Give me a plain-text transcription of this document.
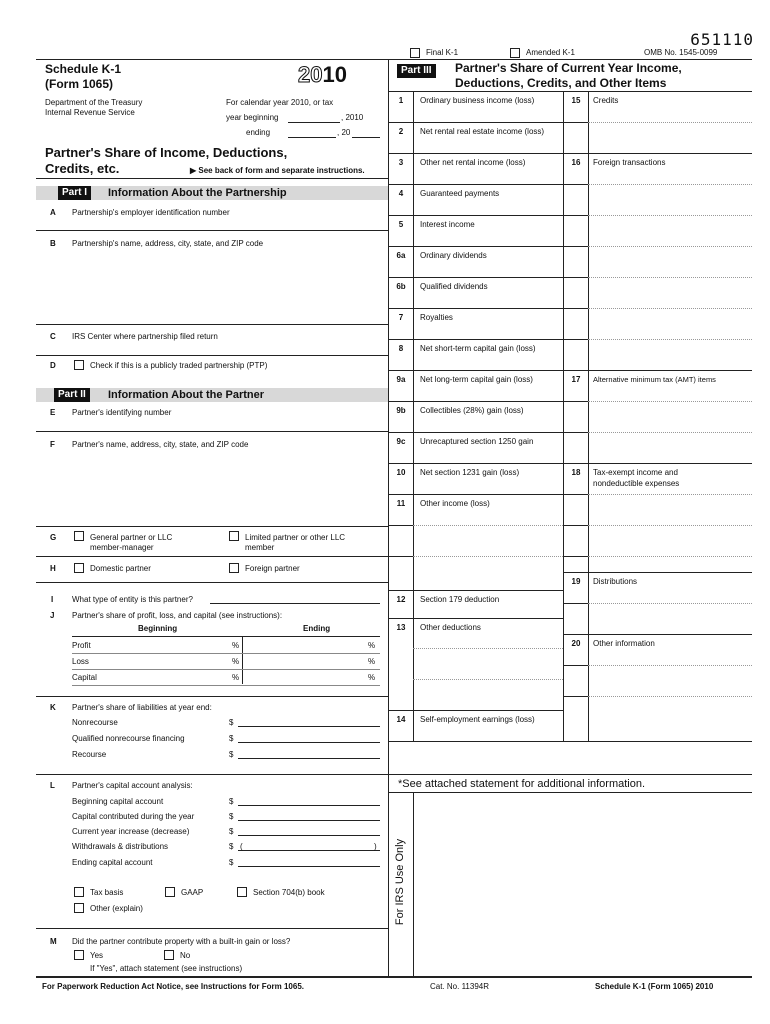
651110
Final K-1	Amended K-1	OMB No. 1545-0099
Schedule K-1
(Form 1065)	2010
Department of the Treasury
Internal Revenue Service
For calendar year 2010, or tax
year beginning	, 2010
ending	, 20
Partner's Share of Income, Deductions,
Credits, etc.	▶ See back of form and separate instructions.
Part I	Information About the Partnership
A Partnership's employer identification number
B Partnership's name, address, city, state, and ZIP code
C IRS Center where partnership filed return
D	Check if this is a publicly traded partnership (PTP)
Part II	Information About the Partner
E Partner's identifying number
F Partner's name, address, city, state, and ZIP code
G	General partner or LLC
member-manager
Limited partner or other LLC
member
H	Domestic partner	Foreign partner
I What type of entity is this partner?
J Partner's share of profit, loss, and capital (see instructions):
Beginning	Ending
Profit	%	%
Loss	%	%
Capital	%	%
K Partner's share of liabilities at year end:
Nonrecourse	$
Qualified nonrecourse financing	$
Recourse	$
L Partner's capital account analysis:
Beginning capital account	$
Capital contributed during the year	$
Current year increase (decrease)	$
Withdrawals & distributions	$
Ending capital account	$
(	)
Tax basis	GAAP	Section 704(b) book
Other (explain)
M Did the partner contribute property with a built-in gain or loss?
Yes	No
If "Yes", attach statement (see instructions)
For Paperwork Reduction Act Notice, see Instructions for Form 1065.	Cat. No. 11394R	Schedule K-1 (Form 1065) 2010
Part III	Partner's Share of Current Year Income,
Deductions, Credits, and Other Items
1	Ordinary business income (loss)
2	Net rental real estate income (loss)
3	Other net rental income (loss)
4	Guaranteed payments
5	Interest income
6a	Ordinary dividends
6b	Qualified dividends
7	Royalties
8	Net short-term capital gain (loss)
9a	Net long-term capital gain (loss)
9b	Collectibles (28%) gain (loss)
9c	Unrecaptured section 1250 gain
10	Net section 1231 gain (loss)
11	Other income (loss)
12	Section 179 deduction
13	Other deductions
14	Self-employment earnings (loss)
15	Credits
16	Foreign transactions
17	Alternative minimum tax (AMT) items
18	Tax-exempt income and
nondeductible expenses
19	Distributions
20	Other information
*See attached statement for additional information.
For IRS Use Only
